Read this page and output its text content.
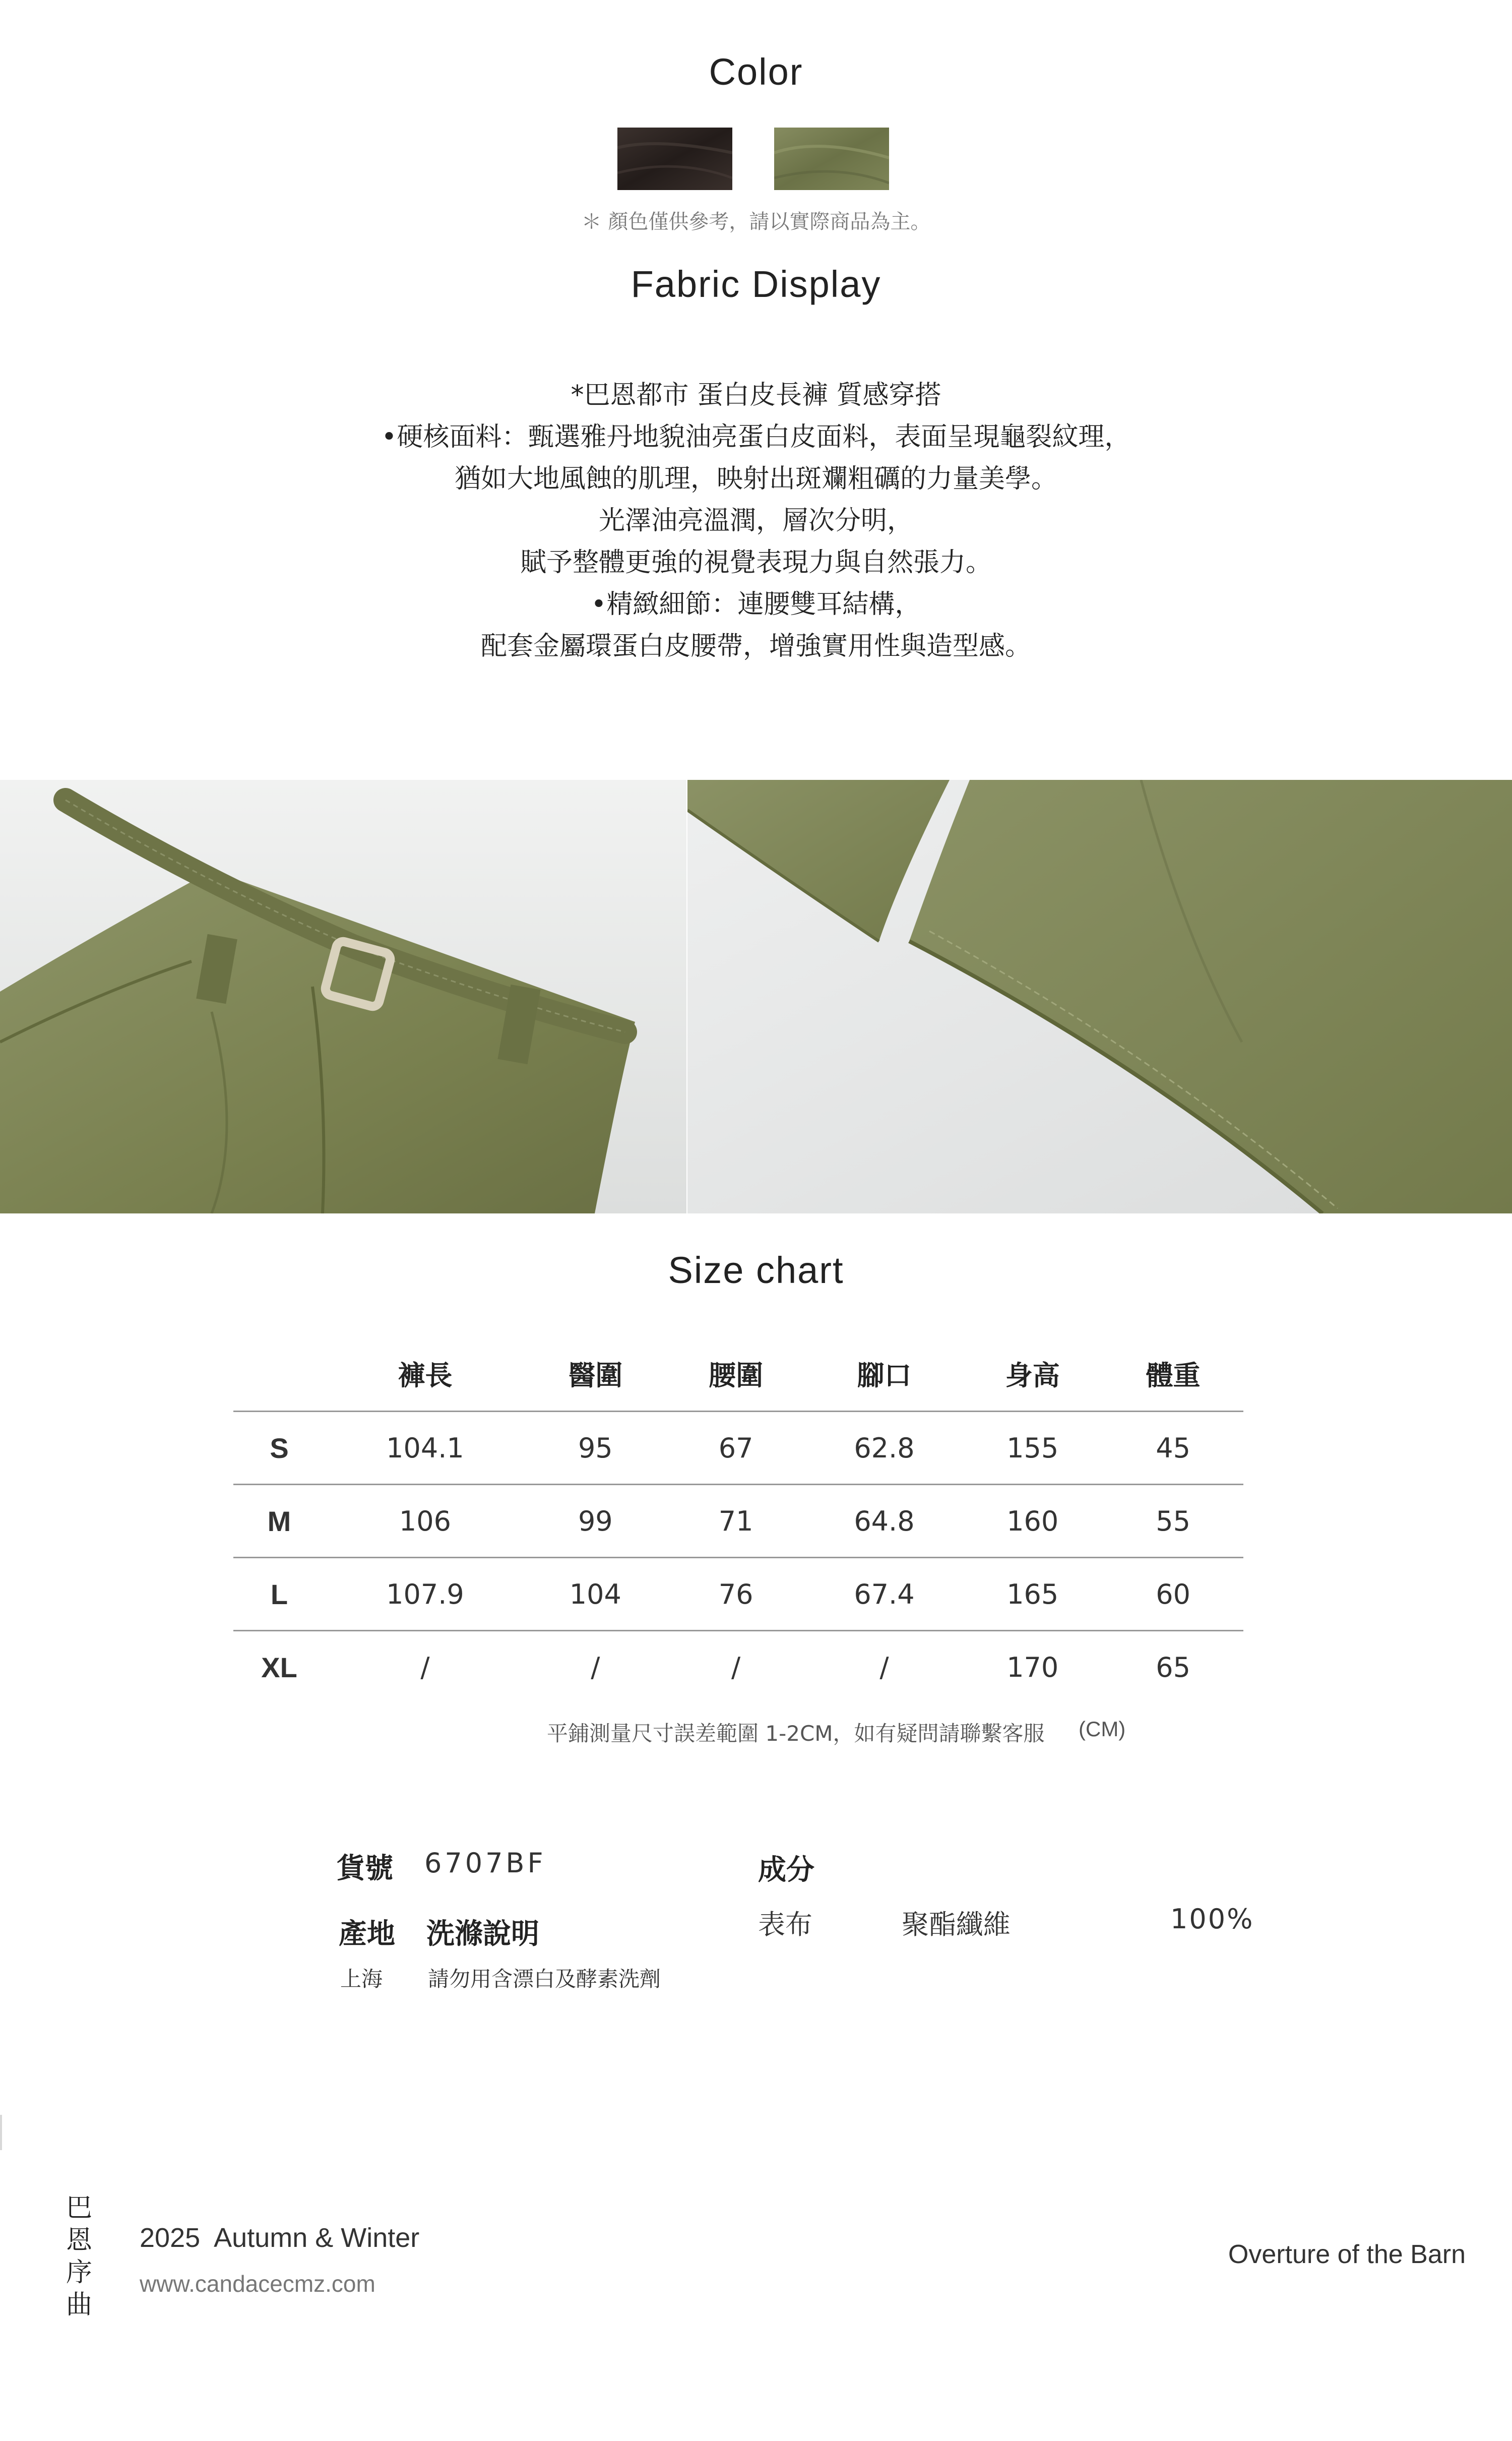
Color
＊ 顏色僅供參考，請以實際商品為主。
Fabric Display

*巴恩都市 蛋白皮長褲 質感穿搭

•硬核面料：甄選雅丹地貌油亮蛋白皮面料，表面呈現龜裂紋理，

猶如大地風蝕的肌理，映射出斑斕粗礪的力量美學。

光澤油亮溫潤，層次分明，

賦予整體更強的視覺表現力與自然張力。

•精緻細節：連腰雙耳結構，

配套金屬環蛋白皮腰帶，增強實用性與造型感。

Size chart
	褲長	醫圍	腰圍	腳口	身高	體重
S	104.1	95	67	62.8	155	45
M	106	99	71	64.8	160	55
L	107.9	104	76	67.4	165	60
XL	/	/	/	/	170	65
平鋪測量尺寸誤差範圍 1-2CM，如有疑問請聯繫客服 (CM)
貨號 6707BF
產地 洗滌說明
上海 請勿用含漂白及酵素洗劑
成分
表布	聚酯纖維	100%
巴
恩
序
曲
2025  Autumn & Winter
www.candacecmz.com
Overture of the Barn
